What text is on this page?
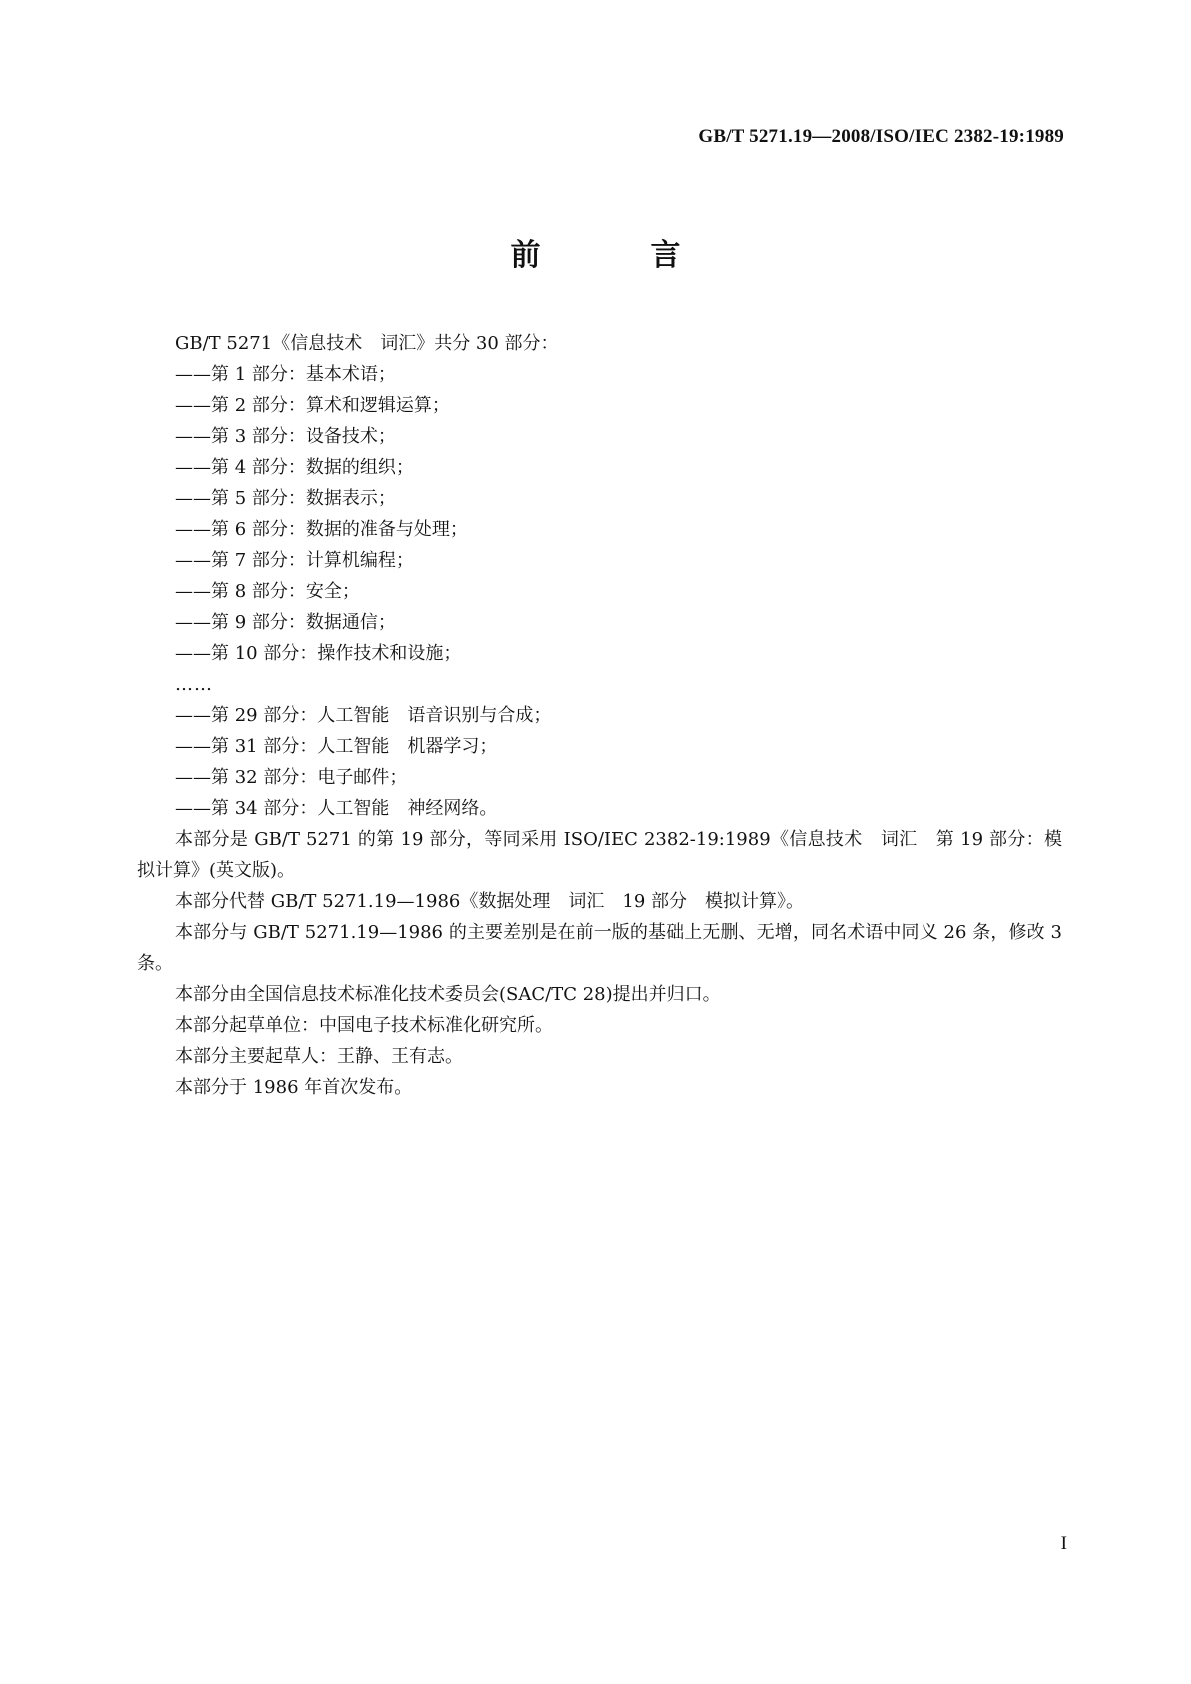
GB/T 5271.19—2008/ISO/IEC 2382-19:1989
前　言

GB/T 5271《信息技术　词汇》共分 30 部分：

——第 1 部分：基本术语；

——第 2 部分：算术和逻辑运算；

——第 3 部分：设备技术；

——第 4 部分：数据的组织；

——第 5 部分：数据表示；

——第 6 部分：数据的准备与处理；

——第 7 部分：计算机编程；

——第 8 部分：安全；

——第 9 部分：数据通信；

——第 10 部分：操作技术和设施；

……

——第 29 部分：人工智能　语音识别与合成；

——第 31 部分：人工智能　机器学习；

——第 32 部分：电子邮件；

——第 34 部分：人工智能　神经网络。

本部分是 GB/T 5271 的第 19 部分，等同采用 ISO/IEC 2382-19:1989《信息技术　词汇　第 19 部分：模拟计算》(英文版)。

本部分代替 GB/T 5271.19—1986《数据处理　词汇　19 部分　模拟计算》。

本部分与 GB/T 5271.19—1986 的主要差别是在前一版的基础上无删、无增，同名术语中同义 26 条，修改 3 条。

本部分由全国信息技术标准化技术委员会(SAC/TC 28)提出并归口。

本部分起草单位：中国电子技术标准化研究所。

本部分主要起草人：王静、王有志。

本部分于 1986 年首次发布。

I
